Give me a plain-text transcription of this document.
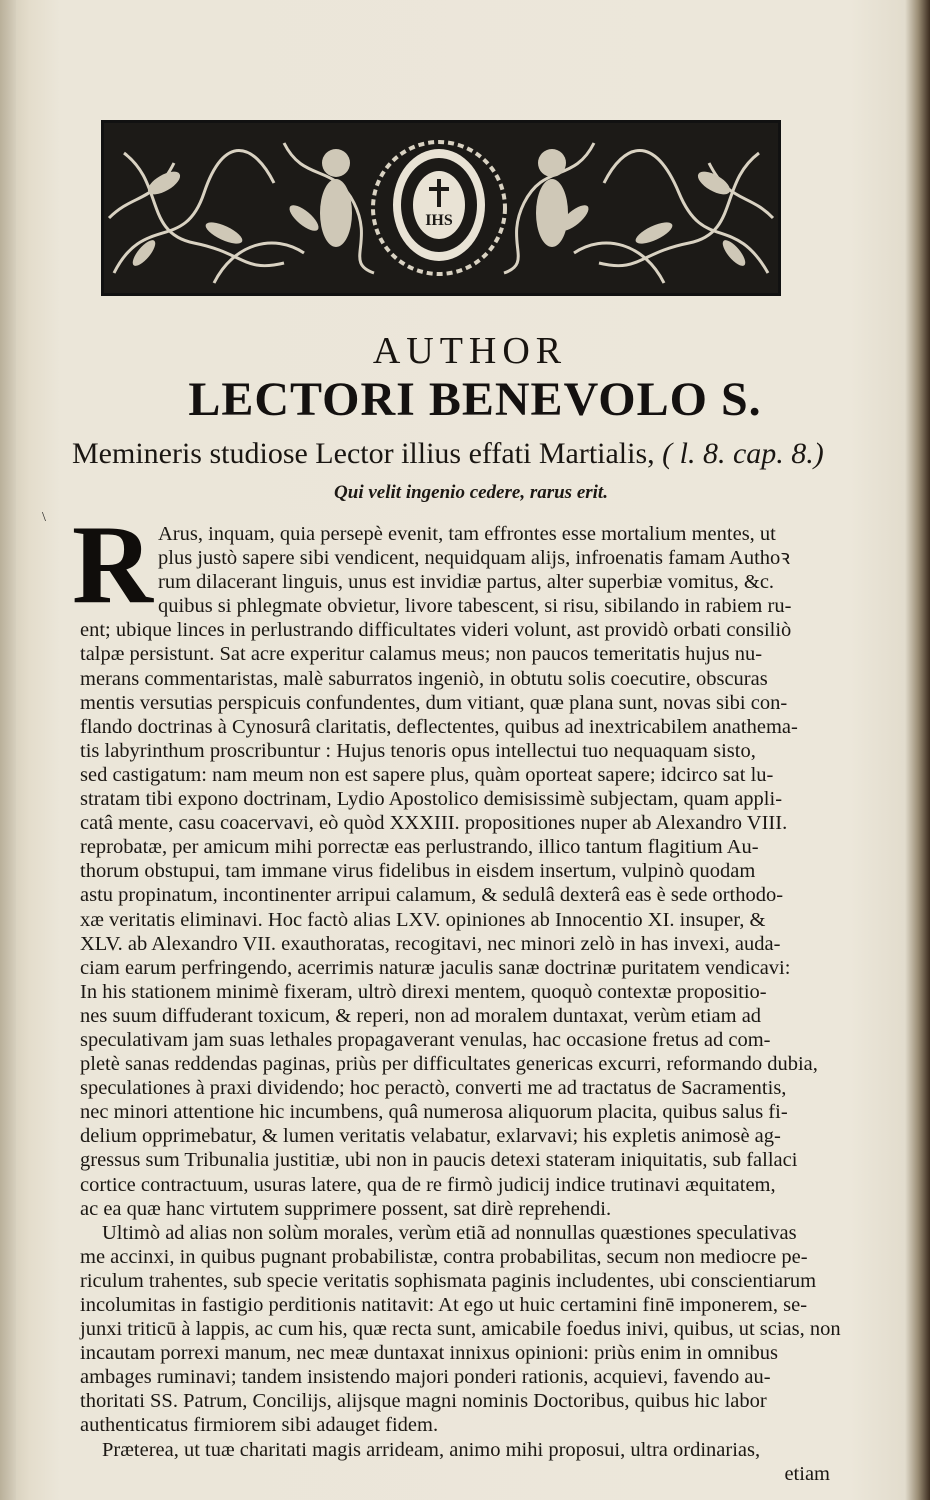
\
IHS
AUTHOR
LECTORI BENEVOLO S.
Memineris studiose Lector illius effati Martialis, ( l. 8. cap. 8.)
Qui velit ingenio cedere, rarus erit.
R Arus, inquam, quia persepè evenit, tam effrontes esse mortalium mentes, ut
plus justò sapere sibi vendicent, nequidquam alijs, infroenatis famam Authoꝛ
rum dilacerant linguis, unus est invidiæ partus, alter superbiæ vomitus, &c.
quibus si phlegmate obvietur, livore tabescent, si risu, sibilando in rabiem ru-
ent; ubique linces in perlustrando difficultates videri volunt, ast providò orbati consiliò
talpæ persistunt. Sat acre experitur calamus meus; non paucos temeritatis hujus nu-
merans commentaristas, malè saburratos ingeniò, in obtutu solis coecutire, obscuras
mentis versutias perspicuis confundentes, dum vitiant, quæ plana sunt, novas sibi con-
flando doctrinas à Cynosurâ claritatis, deflectentes, quibus ad inextricabilem anathema-
tis labyrinthum proscribuntur : Hujus tenoris opus intellectui tuo nequaquam sisto,
sed castigatum: nam meum non est sapere plus, quàm oporteat sapere; idcirco sat lu-
stratam tibi expono doctrinam, Lydio Apostolico demisissimè subjectam, quam appli-
catâ mente, casu coacervavi, eò quòd XXXIII. propositiones nuper ab Alexandro VIII.
reprobatæ, per amicum mihi porrectæ eas perlustrando, illico tantum flagitium Au-
thorum obstupui, tam immane virus fidelibus in eisdem insertum, vulpinò quodam
astu propinatum, incontinenter arripui calamum, & sedulâ dexterâ eas è sede orthodo-
xæ veritatis eliminavi. Hoc factò alias LXV. opiniones ab Innocentio XI. insuper, &
XLV. ab Alexandro VII. exauthoratas, recogitavi, nec minori zelò in has invexi, auda-
ciam earum perfringendo, acerrimis naturæ jaculis sanæ doctrinæ puritatem vendicavi:
In his stationem minimè fixeram, ultrò direxi mentem, quoquò contextæ propositio-
nes suum diffuderant toxicum, & reperi, non ad moralem duntaxat, verùm etiam ad
speculativam jam suas lethales propagaverant venulas, hac occasione fretus ad com-
pletè sanas reddendas paginas, priùs per difficultates genericas excurri, reformando dubia,
speculationes à praxi dividendo; hoc peractò, converti me ad tractatus de Sacramentis,
nec minori attentione hic incumbens, quâ numerosa aliquorum placita, quibus salus fi-
delium opprimebatur, & lumen veritatis velabatur, exlarvavi; his expletis animosè ag-
gressus sum Tribunalia justitiæ, ubi non in paucis detexi stateram iniquitatis, sub fallaci
cortice contractuum, usuras latere, qua de re firmò judicij indice trutinavi æquitatem,
ac ea quæ hanc virtutem supprimere possent, sat dirè reprehendi.
Ultimò ad alias non solùm morales, verùm etiã ad nonnullas quæstiones speculativas
me accinxi, in quibus pugnant probabilistæ, contra probabilitas, secum non mediocre pe-
riculum trahentes, sub specie veritatis sophismata paginis includentes, ubi conscientiarum
incolumitas in fastigio perditionis natitavit: At ego ut huic certamini finē imponerem, se-
junxi triticū à lappis, ac cum his, quæ recta sunt, amicabile foedus inivi, quibus, ut scias, non
incautam porrexi manum, nec meæ duntaxat innixus opinioni: priùs enim in omnibus
ambages ruminavi; tandem insistendo majori ponderi rationis, acquievi, favendo au-
thoritati SS. Patrum, Concilijs, alijsque magni nominis Doctoribus, quibus hic labor
authenticatus firmiorem sibi adauget fidem.
Præterea, ut tuæ charitati magis arrideam, animo mihi proposui, ultra ordinarias,
etiam
